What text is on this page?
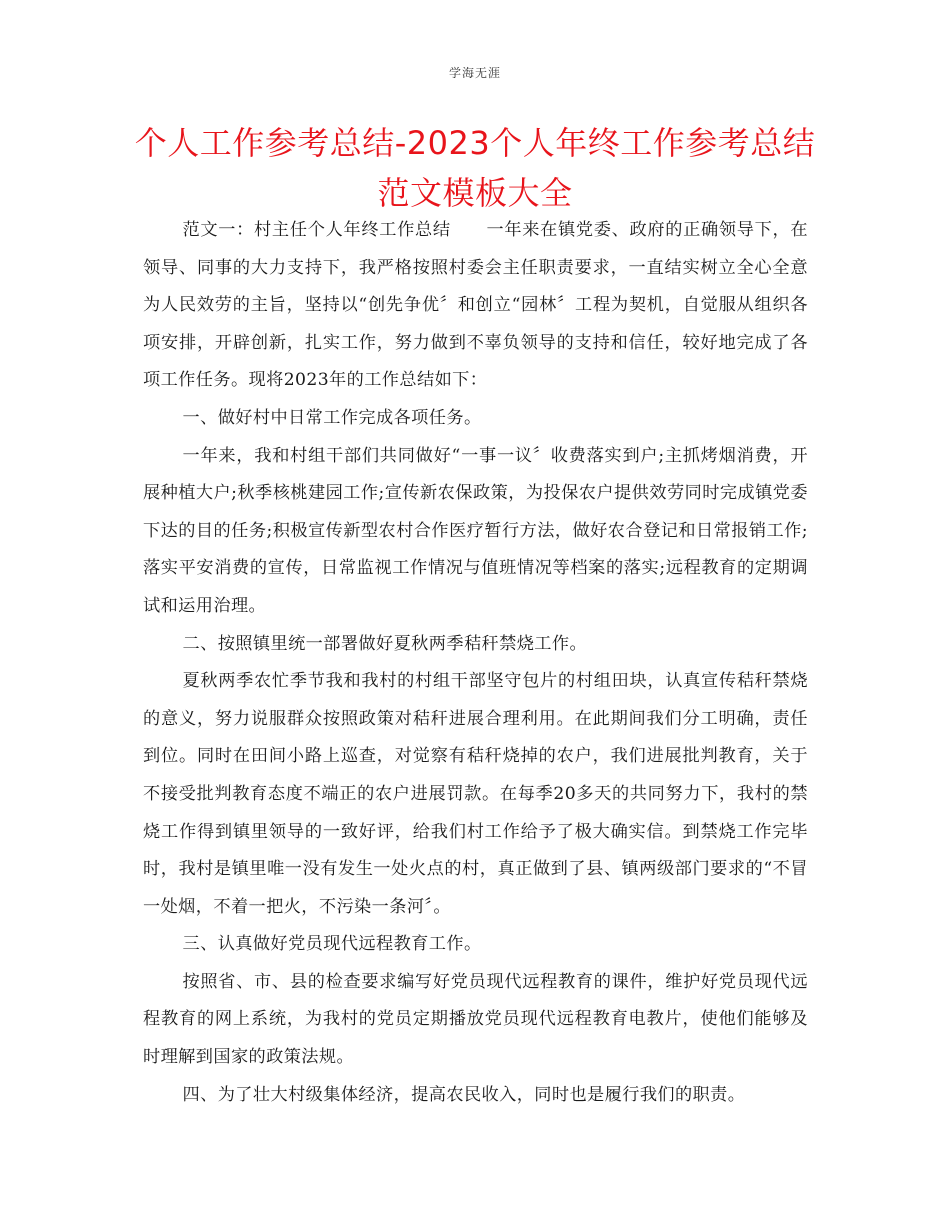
学海无涯
个人工作参考总结-2023个人年终工作参考总结范文模板大全

范文一：村主任个人年终工作总结　　一年来在镇党委、政府的正确领导下，在领导、同事的大力支持下，我严格按照村委会主任职责要求，一直结实树立全心全意为人民效劳的主旨，坚持以“创先争优〞和创立“园林〞工程为契机，自觉服从组织各项安排，开辟创新，扎实工作，努力做到不辜负领导的支持和信任，较好地完成了各项工作任务。现将2023年的工作总结如下：

一、做好村中日常工作完成各项任务。

一年来，我和村组干部们共同做好“一事一议〞收费落实到户;主抓烤烟消费，开展种植大户;秋季核桃建园工作;宣传新农保政策，为投保农户提供效劳同时完成镇党委下达的目的任务;积极宣传新型农村合作医疗暂行方法，做好农合登记和日常报销工作;落实平安消费的宣传，日常监视工作情况与值班情况等档案的落实;远程教育的定期调试和运用治理。

二、按照镇里统一部署做好夏秋两季秸秆禁烧工作。

夏秋两季农忙季节我和我村的村组干部坚守包片的村组田块，认真宣传秸秆禁烧的意义，努力说服群众按照政策对秸秆进展合理利用。在此期间我们分工明确，责任到位。同时在田间小路上巡查，对觉察有秸秆烧掉的农户，我们进展批判教育，关于不接受批判教育态度不端正的农户进展罚款。在每季20多天的共同努力下，我村的禁烧工作得到镇里领导的一致好评，给我们村工作给予了极大确实信。到禁烧工作完毕时，我村是镇里唯一没有发生一处火点的村，真正做到了县、镇两级部门要求的“不冒一处烟，不着一把火，不污染一条河〞。

三、认真做好党员现代远程教育工作。

按照省、市、县的检查要求编写好党员现代远程教育的课件，维护好党员现代远程教育的网上系统，为我村的党员定期播放党员现代远程教育电教片，使他们能够及时理解到国家的政策法规。

四、为了壮大村级集体经济，提高农民收入，同时也是履行我们的职责。
